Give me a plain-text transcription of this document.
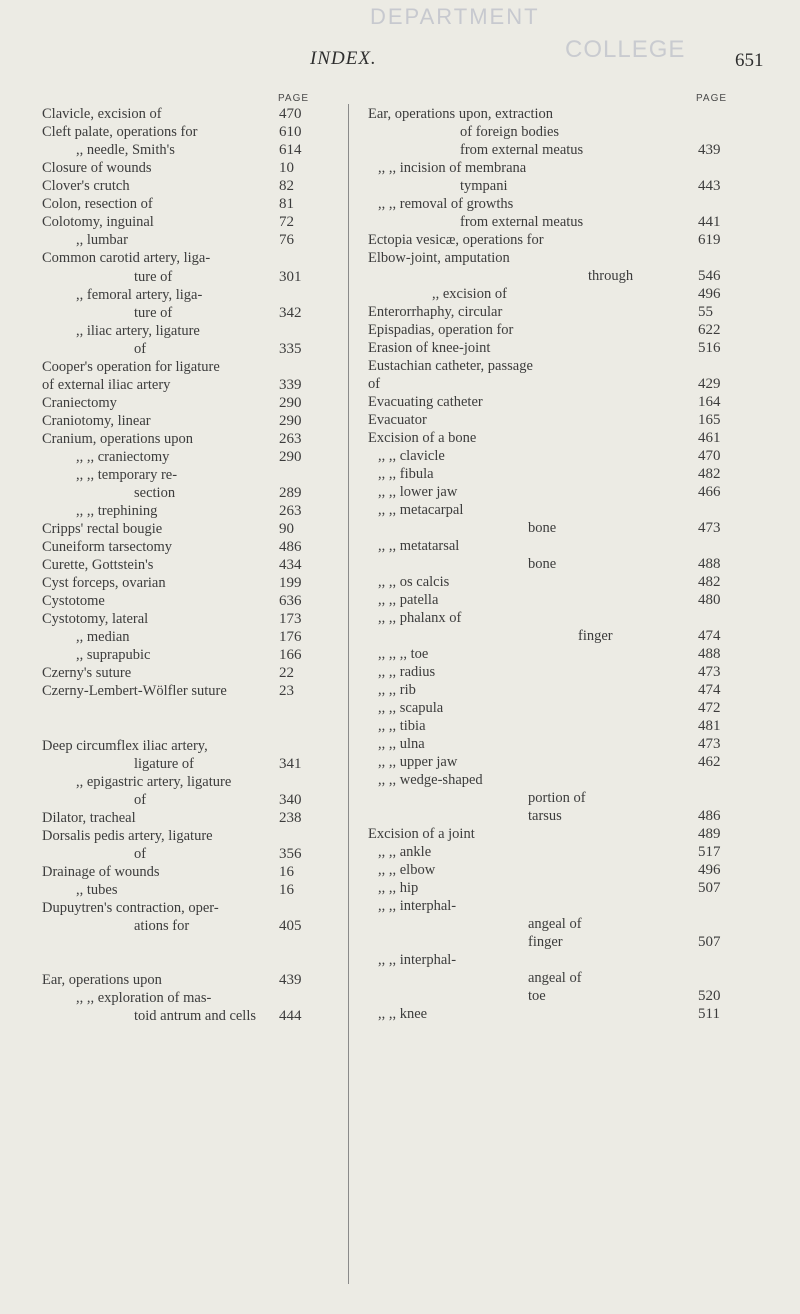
DEPARTMENT
COLLEGE
INDEX.	651
PAGE
Clavicle, excision of	470
Cleft palate, operations for	610
,, needle, Smith's	614
Closure of wounds	10
Clover's crutch	82
Colon, resection of	81
Colotomy, inguinal	72
,, lumbar	76
Common carotid artery, liga-
ture of	301
,, femoral artery, liga-
ture of	342
,, iliac artery, ligature
of	335
Cooper's operation for ligature
of external iliac artery	339
Craniectomy	290
Craniotomy, linear	290
Cranium, operations upon	263
,, ,, craniectomy	290
,, ,, temporary re-
section	289
,, ,, trephining	263
Cripps' rectal bougie	90
Cuneiform tarsectomy	486
Curette, Gottstein's	434
Cyst forceps, ovarian	199
Cystotome	636
Cystotomy, lateral	173
,, median	176
,, suprapubic	166
Czerny's suture	22
Czerny-Lembert-Wölfler suture	23
Deep circumflex iliac artery,
ligature of	341
,, epigastric artery, ligature
of	340
Dilator, tracheal	238
Dorsalis pedis artery, ligature
of	356
Drainage of wounds	16
,, tubes	16
Dupuytren's contraction, oper-
ations for	405
Ear, operations upon	439
,, ,, exploration of mas-
toid antrum and cells 444
PAGE
Ear, operations upon, extraction
of foreign bodies
from external meatus	439
,, ,, incision of membrana
tympani	443
,, ,, removal of growths
from external meatus	441
Ectopia vesicæ, operations for	619
Elbow-joint, amputation
through	546
,, excision of	496
Enterorrhaphy, circular	55
Epispadias, operation for	622
Erasion of knee-joint	516
Eustachian catheter, passage
of	429
Evacuating catheter	164
Evacuator	165
Excision of a bone	461
,, ,, clavicle	470
,, ,, fibula	482
,, ,, lower jaw	466
,, ,, metacarpal
bone	473
,, ,, metatarsal
bone	488
,, ,, os calcis	482
,, ,, patella	480
,, ,, phalanx of
finger	474
,, ,, ,, toe	488
,, ,, radius	473
,, ,, rib	474
,, ,, scapula	472
,, ,, tibia	481
,, ,, ulna	473
,, ,, upper jaw	462
,, ,, wedge-shaped
portion of
tarsus	486
Excision of a joint	489
,, ,, ankle	517
,, ,, elbow	496
,, ,, hip	507
,, ,, interphal-
angeal of
finger	507
,, ,, interphal-
angeal of
toe	520
,, ,, knee	511
